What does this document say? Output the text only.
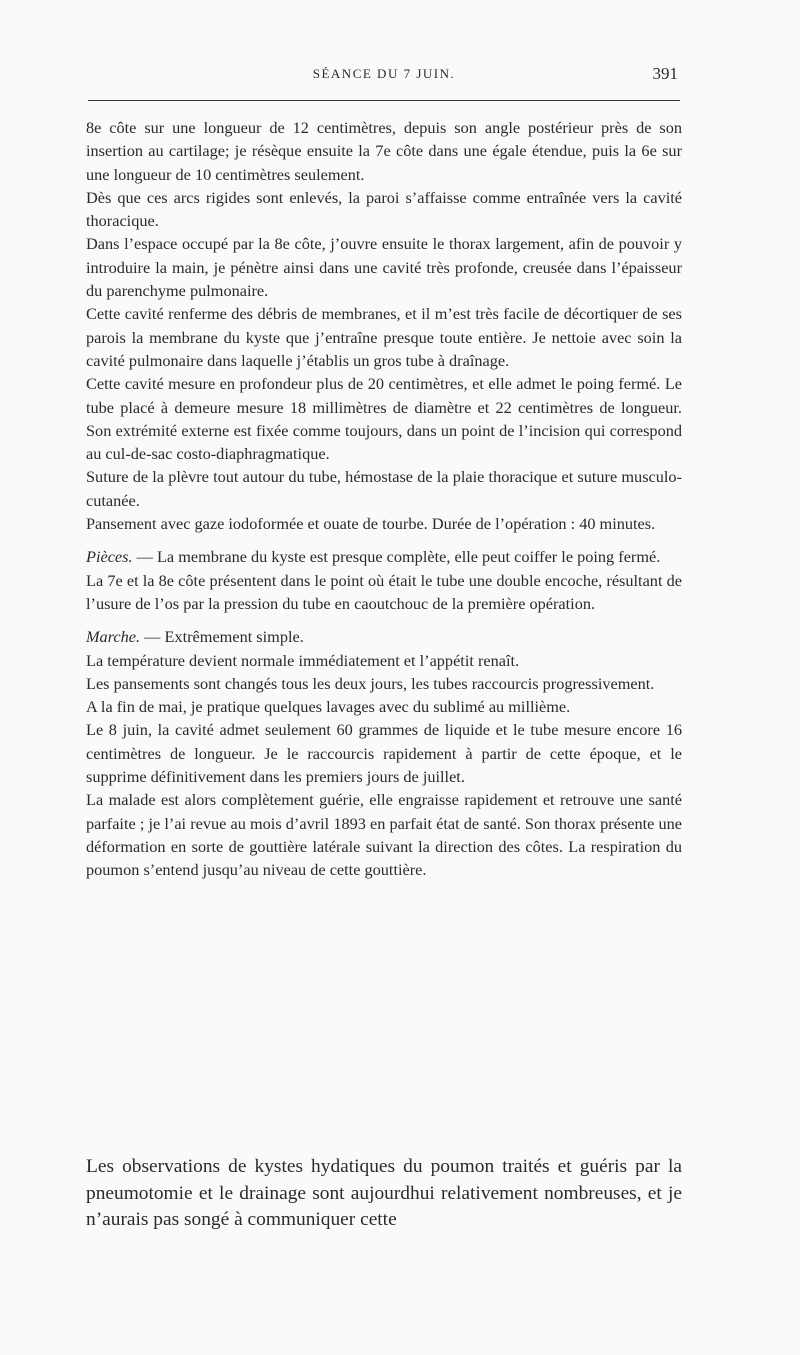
SÉANCE DU 7 JUIN.	391

8e côte sur une longueur de 12 centimètres, depuis son angle postérieur près de son insertion au cartilage; je résèque ensuite la 7e côte dans une égale étendue, puis la 6e sur une longueur de 10 centimètres seulement.

Dès que ces arcs rigides sont enlevés, la paroi s’affaisse comme entraînée vers la cavité thoracique.

Dans l’espace occupé par la 8e côte, j’ouvre ensuite le thorax largement, afin de pouvoir y introduire la main, je pénètre ainsi dans une cavité très profonde, creusée dans l’épaisseur du parenchyme pulmonaire.

Cette cavité renferme des débris de membranes, et il m’est très facile de décortiquer de ses parois la membrane du kyste que j’entraîne presque toute entière. Je nettoie avec soin la cavité pulmonaire dans laquelle j’établis un gros tube à draînage.

Cette cavité mesure en profondeur plus de 20 centimètres, et elle admet le poing fermé. Le tube placé à demeure mesure 18 millimètres de diamètre et 22 centimètres de longueur. Son extrémité externe est fixée comme toujours, dans un point de l’incision qui correspond au cul-de-sac costo-diaphragmatique.

Suture de la plèvre tout autour du tube, hémostase de la plaie thoracique et suture musculo-cutanée.

Pansement avec gaze iodoformée et ouate de tourbe. Durée de l’opération : 40 minutes.

Pièces. — La membrane du kyste est presque complète, elle peut coiffer le poing fermé.

La 7e et la 8e côte présentent dans le point où était le tube une double encoche, résultant de l’usure de l’os par la pression du tube en caoutchouc de la première opération.

Marche. — Extrêmement simple.

La température devient normale immédiatement et l’appétit renaît.

Les pansements sont changés tous les deux jours, les tubes raccourcis progressivement.

A la fin de mai, je pratique quelques lavages avec du sublimé au millième.

Le 8 juin, la cavité admet seulement 60 grammes de liquide et le tube mesure encore 16 centimètres de longueur. Je le raccourcis rapidement à partir de cette époque, et le supprime définitivement dans les premiers jours de juillet.

La malade est alors complètement guérie, elle engraisse rapidement et retrouve une santé parfaite ; je l’ai revue au mois d’avril 1893 en parfait état de santé. Son thorax présente une déformation en sorte de gouttière latérale suivant la direction des côtes. La respiration du poumon s’entend jusqu’au niveau de cette gouttière.

Les observations de kystes hydatiques du poumon traités et guéris par la pneumotomie et le drainage sont aujourdhui relativement nombreuses, et je n’aurais pas songé à communiquer cette
